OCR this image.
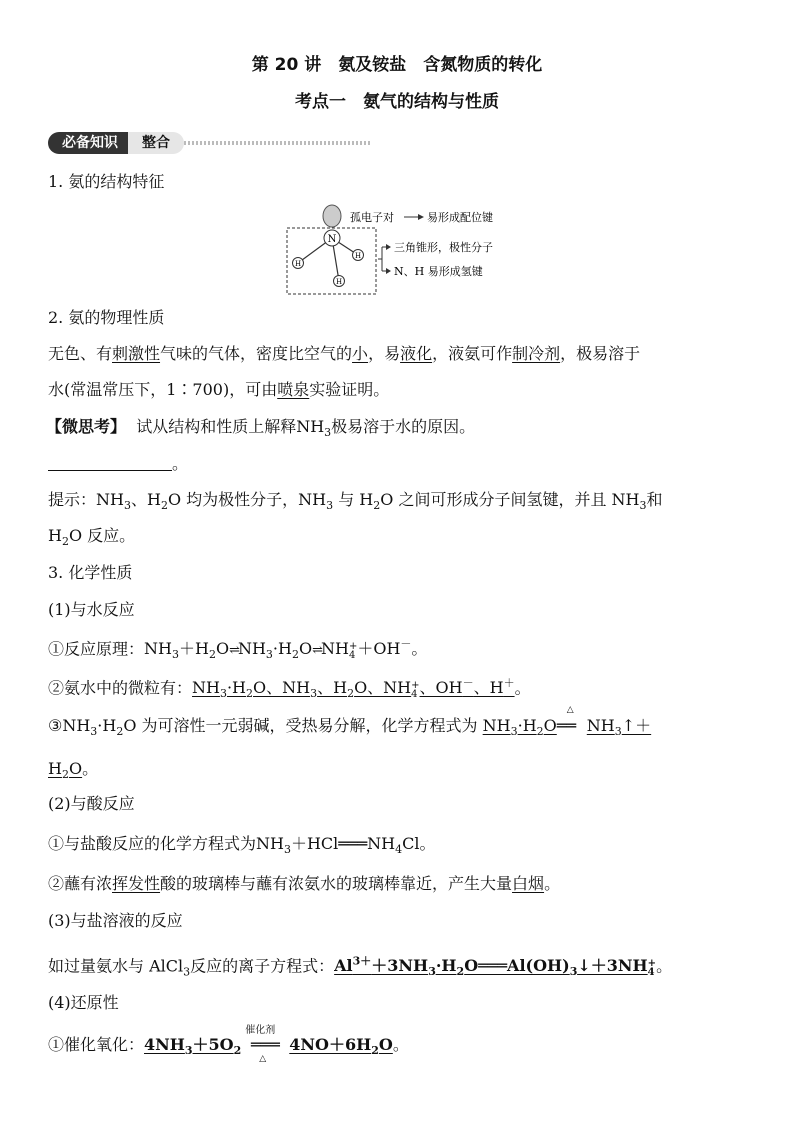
第 20 讲　氨及铵盐　含氮物质的转化
考点一　氨气的结构与性质
必备知识	整合
1. 氨的结构特征
N
H
H
H
孤电子对	易形成配位键
三角锥形，极性分子
N、H 易形成氢键
2. 氨的物理性质
无色、有刺激性气味的气体，密度比空气的小，易液化，液氨可作制冷剂，极易溶于
水(常温常压下，1∶700)，可由喷泉实验证明。
【微思考】 试从结构和性质上解释$NH_3$极易溶于水的原因。
。
提示：$NH_3$、$H_2O$ 均为极性分子，$NH_3$ 与 $H_2O$ 之间可形成分子间氢键，并且 $NH_3$和
$H_2O$ 反应。
3. 化学性质
(1)与水反应
①反应原理：$NH_3+H_2O\rightleftharpoons NH_3\cdot H_2O\rightleftharpoons NH+$
4 ＋OH－。
②氨水中的微粒有：$NH_3\cdot H_2O$、$NH_3$、$H_2O$、NH+
4 、OH－、H＋。
$③NH_3\cdot H_2O$ 为可溶性一元弱碱，受热易分解，化学方程式为 $NH_3\cdot H_2O$
△
══ $NH_3↑+$
$H_2O$。
(2)与酸反应
①与盐酸反应的化学方程式为$NH_3+HCl═══NH_4Cl$。
②蘸有浓挥发性酸的玻璃棒与蘸有浓氨水的玻璃棒靠近，产生大量白烟。
(3)与盐溶液的反应
如过量氨水与 AlCl$_3$反应的离子方程式：$Al^{3+}+3NH_3\cdot H_2O═══Al(OH)_3↓+3NH+$
4。
(4)还原性
①催化氧化：$4NH_3+5O_2$
催化剂
═══
△
$4NO+6H_2O$。
